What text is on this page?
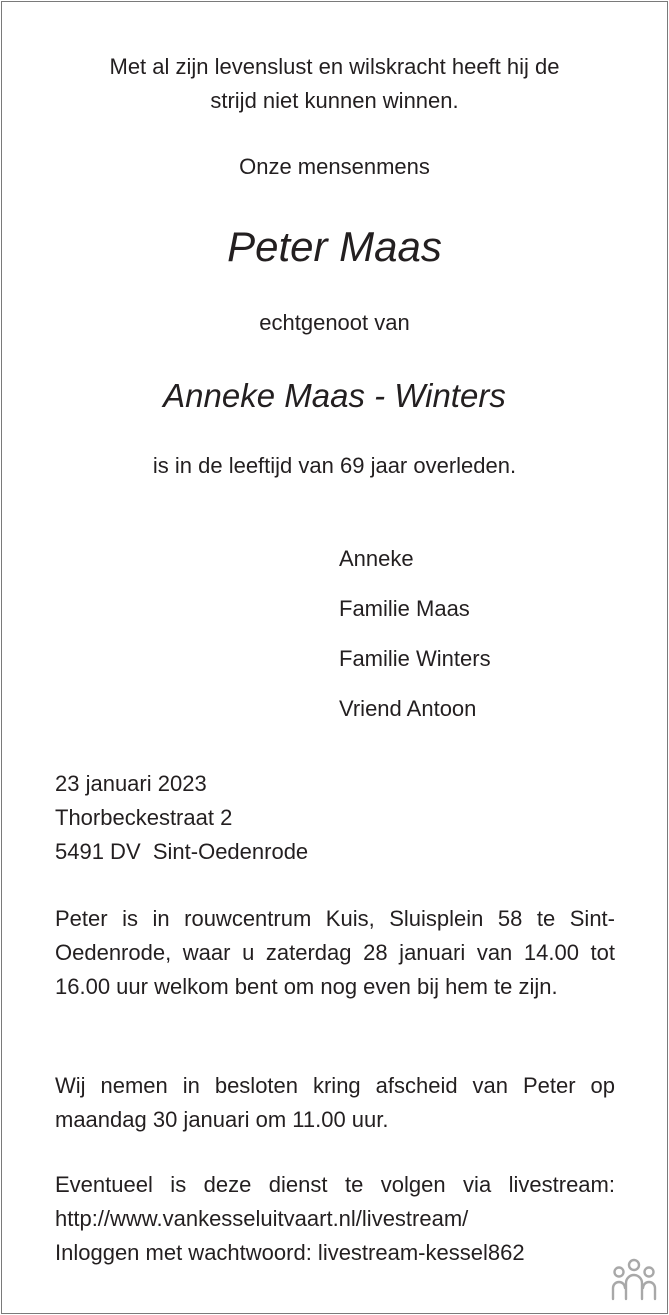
Met al zijn levenslust en wilskracht heeft hij de
strijd niet kunnen winnen.
Onze mensenmens
Peter Maas
echtgenoot van
Anneke Maas - Winters
is in de leeftijd van 69 jaar overleden.
Anneke
Familie Maas
Familie Winters
Vriend Antoon
23 januari 2023
Thorbeckestraat 2
5491 DV  Sint-Oedenrode
Peter is in rouwcentrum Kuis, Sluisplein 58 te Sint-Oedenrode, waar u zaterdag 28 januari van 14.00 tot 16.00 uur welkom bent om nog even bij hem te zijn.
Wij nemen in besloten kring afscheid van Peter op maandag 30 januari om 11.00 uur.
Eventueel is deze dienst te volgen via livestream:
http://www.vankesseluitvaart.nl/livestream/
Inloggen met wachtwoord: livestream-kessel862
